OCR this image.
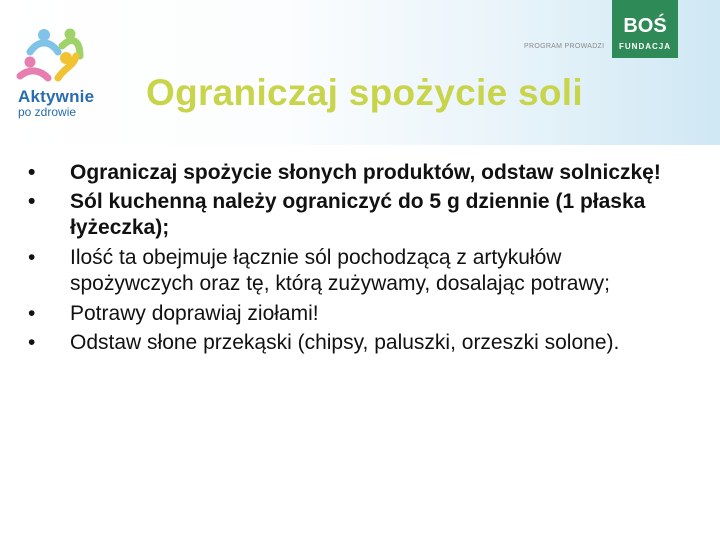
Aktywnie
po zdrowie
PROGRAM PROWADZI
BOŚ
FUNDACJA
Ograniczaj spożycie soli
•	Ograniczaj spożycie słonych produktów, odstaw solniczkę!
•	Sól kuchenną należy ograniczyć do 5 g dziennie (1 płaska łyżeczka);
•	Ilość ta obejmuje łącznie sól pochodzącą z artykułów spożywczych oraz tę, którą zużywamy, dosalając potrawy;
•	Potrawy doprawiaj ziołami!
•	Odstaw słone przekąski (chipsy, paluszki, orzeszki solone).
